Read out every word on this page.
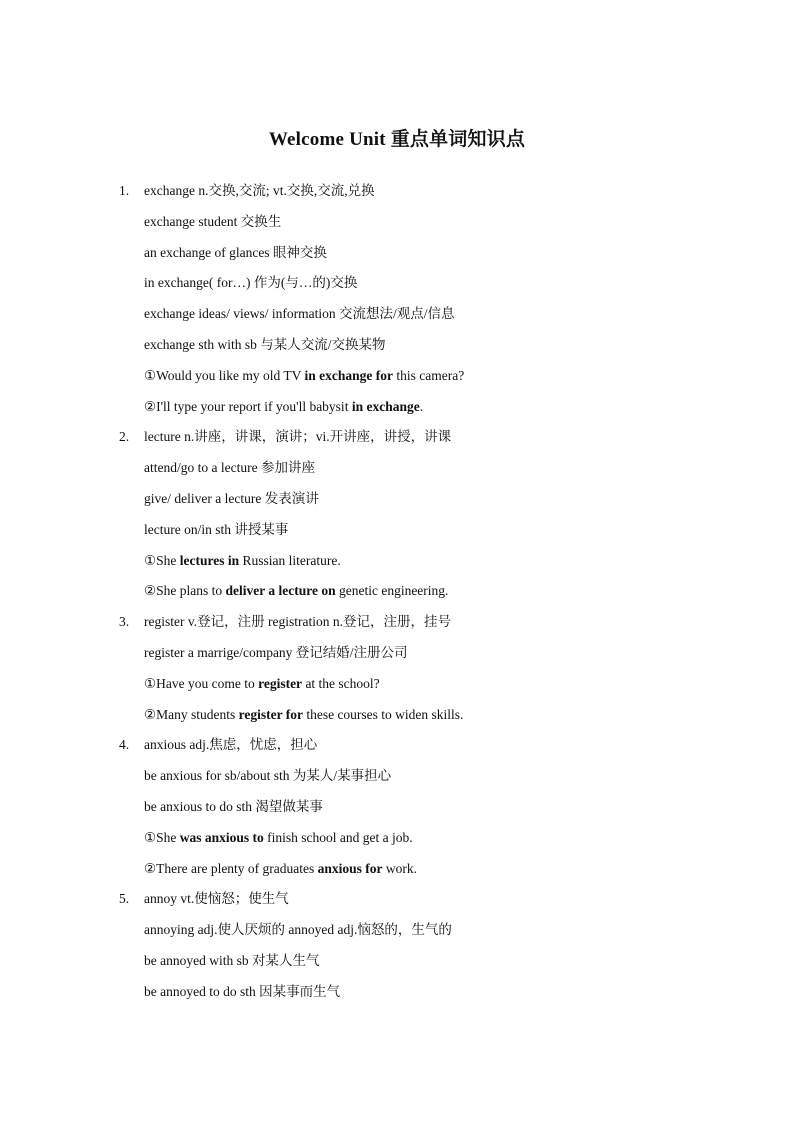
Welcome Unit 重点单词知识点
1. exchange n.交换,交流; vt.交换,交流,兑换
exchange student 交换生
an exchange of glances 眼神交换
in exchange( for…) 作为(与…的)交换
exchange ideas/ views/ information 交流想法/观点/信息
exchange sth with sb 与某人交流/交换某物
①Would you like my old TV in exchange for this camera?
②I'll type your report if you'll babysit in exchange.
2. lecture n.讲座，讲课，演讲；vi.开讲座，讲授，讲课
attend/go to a lecture 参加讲座
give/ deliver a lecture 发表演讲
lecture on/in sth 讲授某事
①She lectures in Russian literature.
②She plans to deliver a lecture on genetic engineering.
3. register v.登记，注册 registration n.登记，注册，挂号
register a marrige/company 登记结婚/注册公司
①Have you come to register at the school?
②Many students register for these courses to widen skills.
4. anxious adj.焦虑，忧虑，担心
be anxious for sb/about sth 为某人/某事担心
be anxious to do sth 渴望做某事
①She was anxious to finish school and get a job.
②There are plenty of graduates anxious for work.
5. annoy vt.使恼怒；使生气
annoying adj.使人厌烦的 annoyed adj.恼怒的，生气的
be annoyed with sb 对某人生气
be annoyed to do sth 因某事而生气
